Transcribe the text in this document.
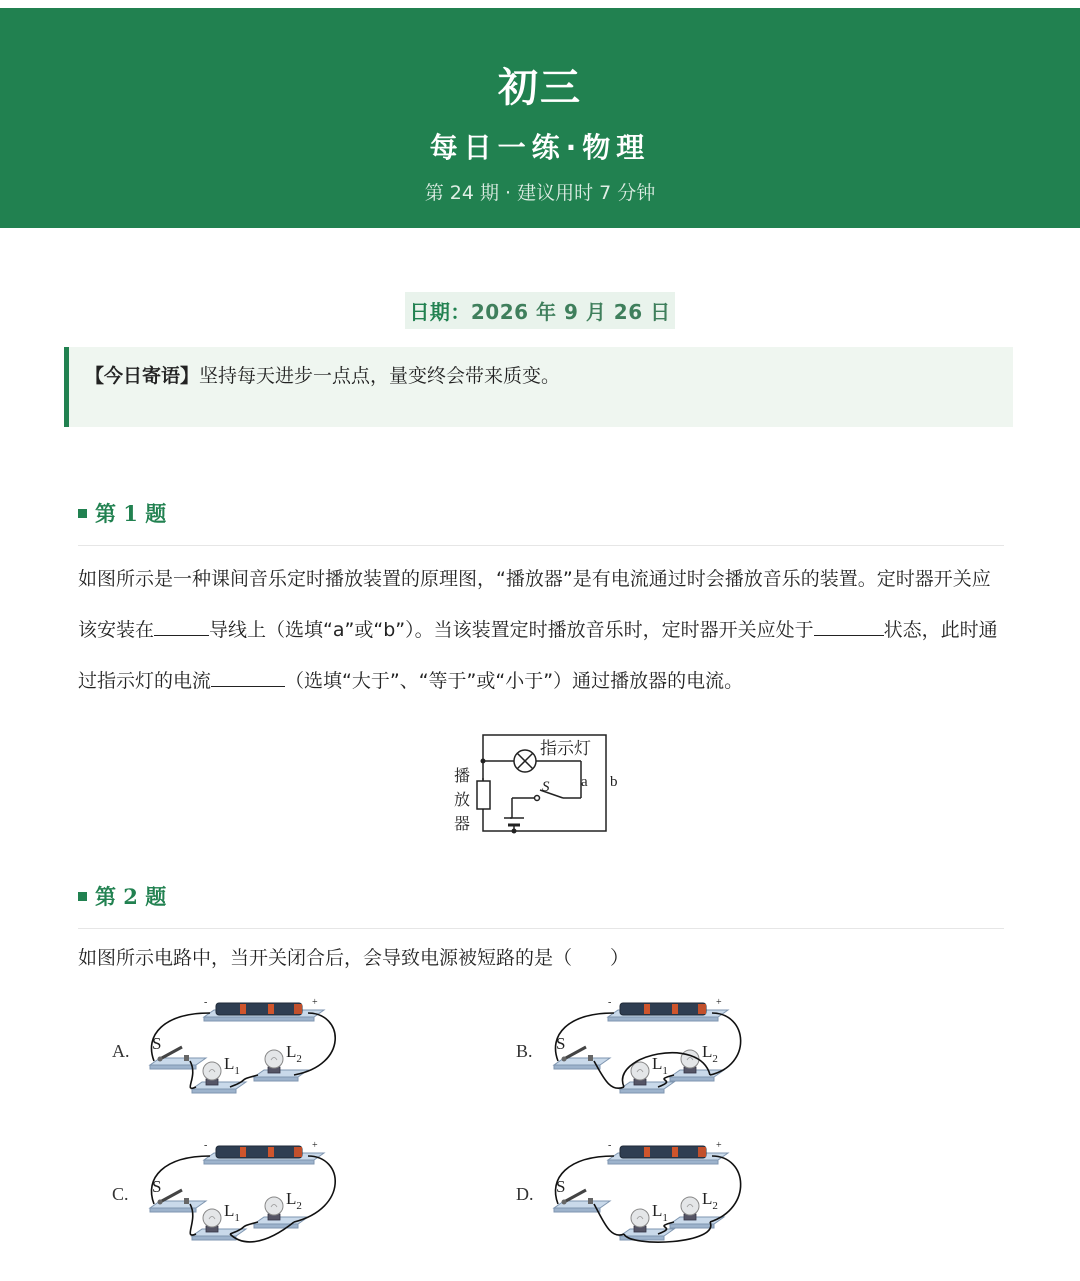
初三
每日一练·物理
第 24 期 · 建议用时 7 分钟
日期：2026 年 9 月 26 日
【今日寄语】坚持每天进步一点点，量变终会带来质变。
第 1 题
如图所示是一种课间音乐定时播放装置的原理图，“播放器”是有电流通过时会播放音乐的装置。定时器开关应该安装在	导线上（选填“a”或“b”）。当该装置定时播放音乐时，定时器开关应处于	状态，此时通过指示灯的电流	（选填“大于”、“等于”或“小于”）通过播放器的电流。
指示灯
S a b
播
放
器
第 2 题
如图所示电路中，当开关闭合后，会导致电源被短路的是（　　）
A.
-	+
S
$L_1$
$L_2$	B.
-	+
S
$L_1$
$L_2$
C.
-	+
S
$L_1$
$L_2$
D.
-	+
S
$L_1$
$L_2$
